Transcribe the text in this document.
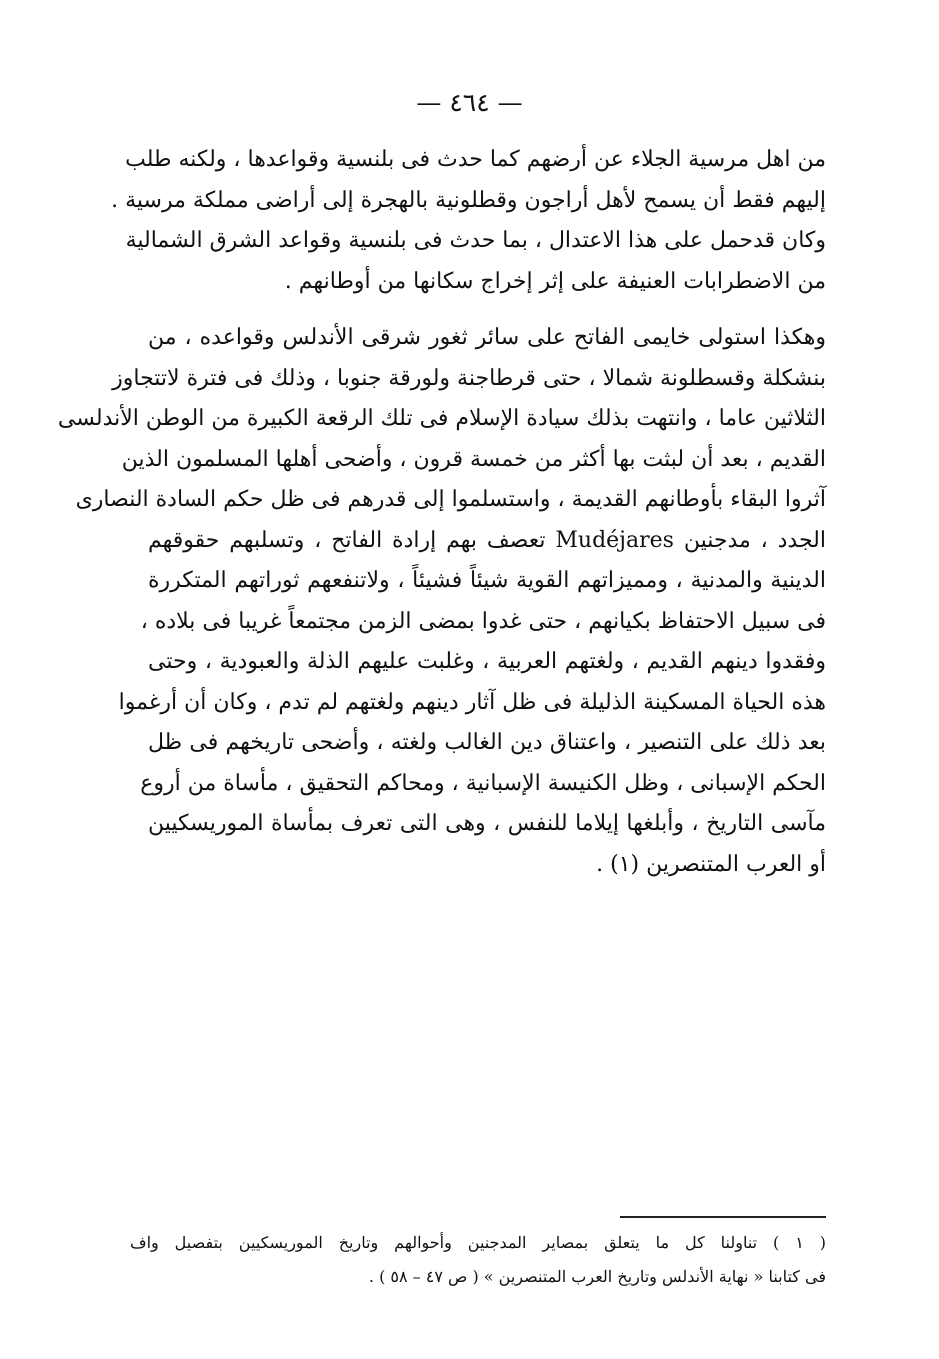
— ٤٦٤ —
من اهل مرسية الجلاء عن أرضهم كما حدث فى بلنسية وقواعدها ، ولكنه طلب
إليهم فقط أن يسمح لأهل أراجون وقطلونية بالهجرة إلى أراضى مملكة مرسية .
وكان قدحمل على هذا الاعتدال ، بما حدث فى بلنسية وقواعد الشرق الشمالية
من الاضطرابات العنيفة على إثر إخراج سكانها من أوطانهم .
وهكذا استولى خايمى الفاتح على سائر ثغور شرقى الأندلس وقواعده ، من
بنشكلة وقسطلونة شمالا ، حتى قرطاجنة ولورقة جنوبا ، وذلك فى فترة لاتتجاوز
الثلاثين عاما ، وانتهت بذلك سيادة الإسلام فى تلك الرقعة الكبيرة من الوطن الأندلسى
القديم ، بعد أن لبثت بها أكثر من خمسة قرون ، وأضحى أهلها المسلمون الذين
آثروا البقاء بأوطانهم القديمة ، واستسلموا إلى قدرهم فى ظل حكم السادة النصارى
الجدد ، مدجنين Mudéjares تعصف بهم إرادة الفاتح ، وتسلبهم حقوقهم
الدينية والمدنية ، ومميزاتهم القوية شيئاً فشيئاً ، ولاتنفعهم ثوراتهم المتكررة
فى سبيل الاحتفاظ بكيانهم ، حتى غدوا بمضى الزمن مجتمعاً غريبا فى بلاده ،
وفقدوا دينهم القديم ، ولغتهم العربية ، وغلبت عليهم الذلة والعبودية ، وحتى
هذه الحياة المسكينة الذليلة فى ظل آثار دينهم ولغتهم لم تدم ، وكان أن أرغموا
بعد ذلك على التنصير ، واعتناق دين الغالب ولغته ، وأضحى تاريخهم فى ظل
الحكم الإسبانى ، وظل الكنيسة الإسبانية ، ومحاكم التحقيق ، مأساة من أروع
مآسى التاريخ ، وأبلغها إيلاما للنفس ، وهى التى تعرف بمأساة الموريسكيين
أو العرب المتنصرين (١) .
( ١ ) تناولنا كل ما يتعلق بمصاير المدجنين وأحوالهم وتاريخ الموريسكيين بتفصيل واف
فى كتابنا « نهاية الأندلس وتاريخ العرب المتنصرين » ( ص ٤٧ – ٥٨ ) .
